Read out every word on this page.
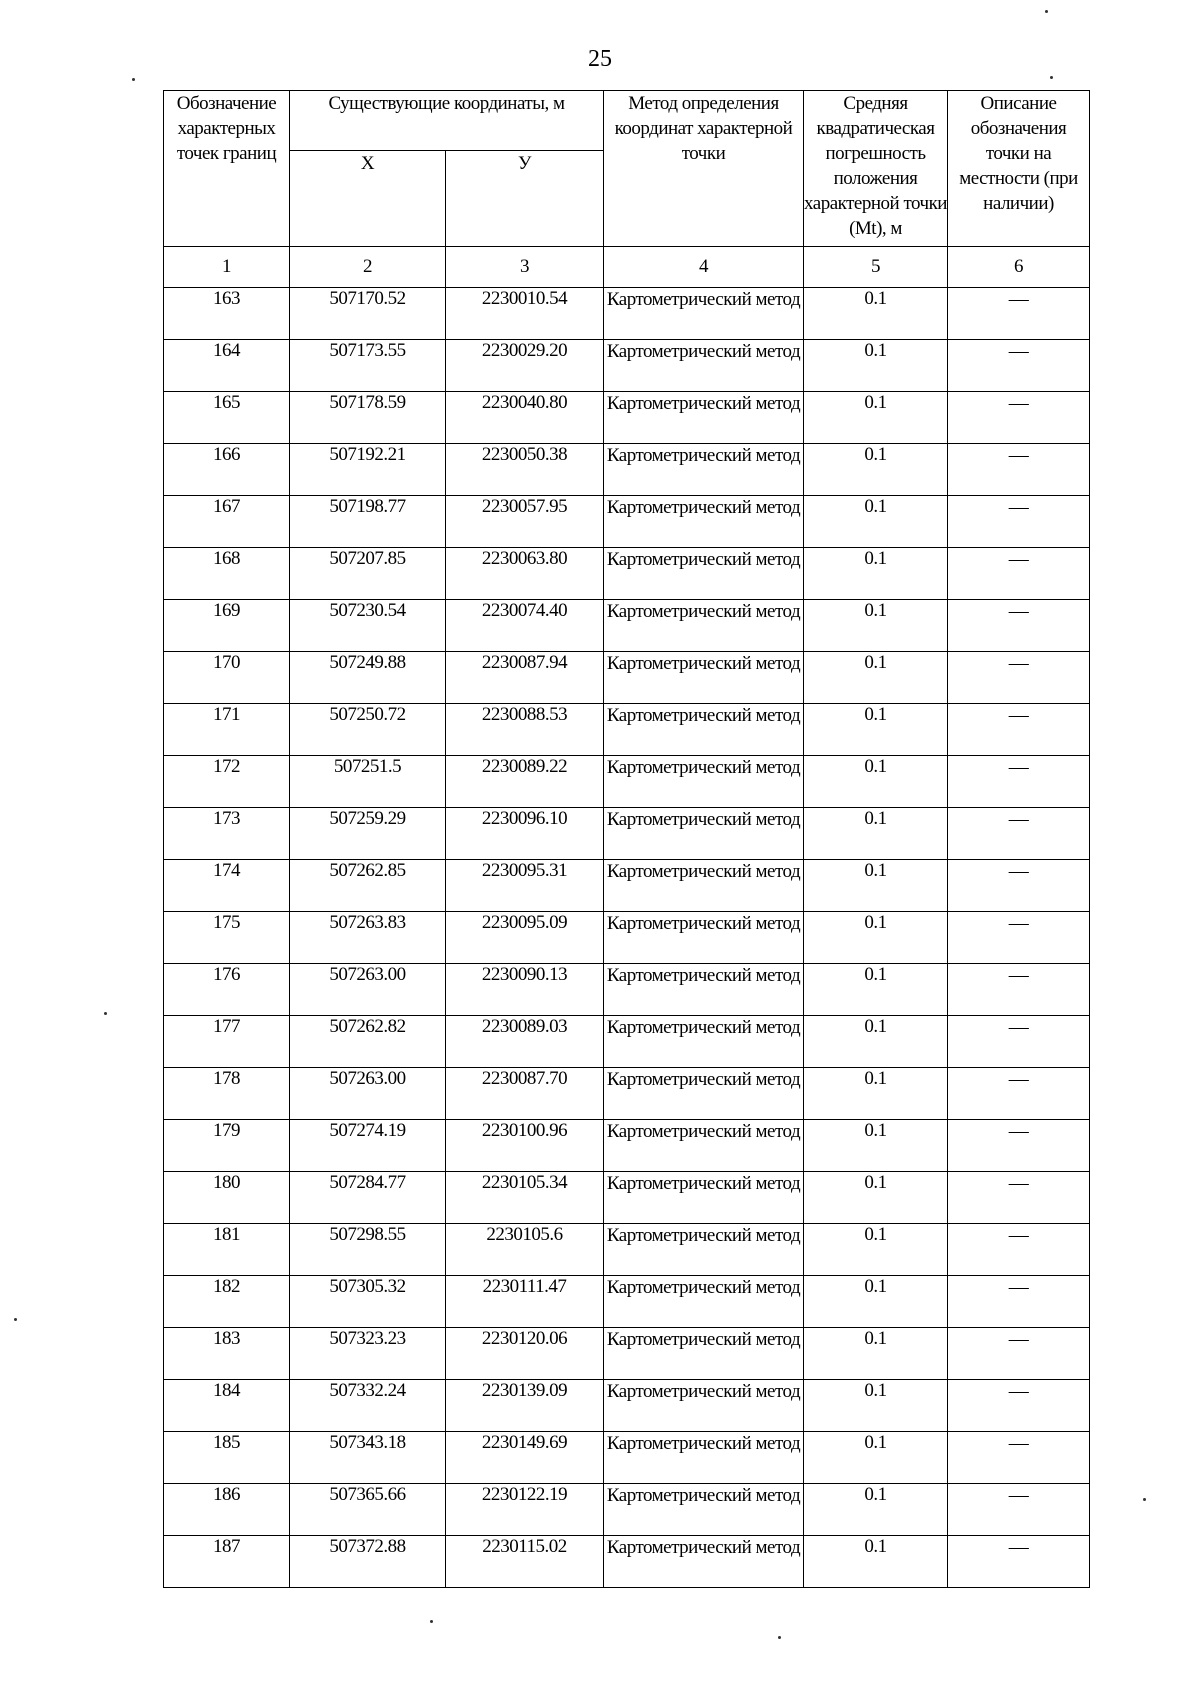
25
Обозначение характерных точек границ	Существующие координаты, м		Метод определения координат характерной точки	Средняя квадратическая погрешность положения характерной точки (Mt), м	Описание обозначения точки на местности (при наличии)
	X	У			
1	2	3	4	5	6
163	507170.52	2230010.54	Картометрический метод	0.1	—
164	507173.55	2230029.20	Картометрический метод	0.1	—
165	507178.59	2230040.80	Картометрический метод	0.1	—
166	507192.21	2230050.38	Картометрический метод	0.1	—
167	507198.77	2230057.95	Картометрический метод	0.1	—
168	507207.85	2230063.80	Картометрический метод	0.1	—
169	507230.54	2230074.40	Картометрический метод	0.1	—
170	507249.88	2230087.94	Картометрический метод	0.1	—
171	507250.72	2230088.53	Картометрический метод	0.1	—
172	507251.5	2230089.22	Картометрический метод	0.1	—
173	507259.29	2230096.10	Картометрический метод	0.1	—
174	507262.85	2230095.31	Картометрический метод	0.1	—
175	507263.83	2230095.09	Картометрический метод	0.1	—
176	507263.00	2230090.13	Картометрический метод	0.1	—
177	507262.82	2230089.03	Картометрический метод	0.1	—
178	507263.00	2230087.70	Картометрический метод	0.1	—
179	507274.19	2230100.96	Картометрический метод	0.1	—
180	507284.77	2230105.34	Картометрический метод	0.1	—
181	507298.55	2230105.6	Картометрический метод	0.1	—
182	507305.32	2230111.47	Картометрический метод	0.1	—
183	507323.23	2230120.06	Картометрический метод	0.1	—
184	507332.24	2230139.09	Картометрический метод	0.1	—
185	507343.18	2230149.69	Картометрический метод	0.1	—
186	507365.66	2230122.19	Картометрический метод	0.1	—
187	507372.88	2230115.02	Картометрический метод	0.1	—
